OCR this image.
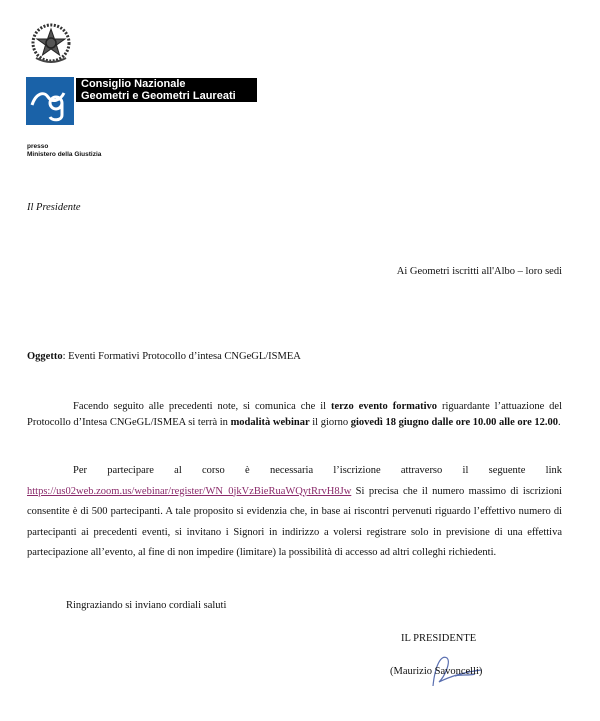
Consiglio Nazionale
Geometri e Geometri Laureati
presso
Ministero della Giustizia
Il Presidente
Ai Geometri iscritti all'Albo – loro sedi
Oggetto: Eventi Formativi Protocollo d’intesa CNGeGL/ISMEA
Facendo seguito alle precedenti note, si comunica che il terzo evento formativo riguardante l’attuazione del Protocollo d’Intesa CNGeGL/ISMEA si terrà in modalità webinar il giorno giovedì 18 giugno dalle ore 10.00 alle ore 12.00.
Per partecipare al corso è necessaria l’iscrizione attraverso il seguente link https://us02web.zoom.us/webinar/register/WN_0jkVzBieRuaWQytRrvH8Jw Si precisa che il numero massimo di iscrizioni consentite è di 500 partecipanti. A tale proposito si evidenzia che, in base ai riscontri pervenuti riguardo l’effettivo numero di partecipanti ai precedenti eventi, si invitano i Signori in indirizzo a volersi registrare solo in previsione di una effettiva partecipazione all’evento, al fine di non impedire (limitare) la possibilità di accesso ad altri colleghi richiedenti.
Ringraziando si inviano cordiali saluti
IL PRESIDENTE
(Maurizio Savoncelli)
